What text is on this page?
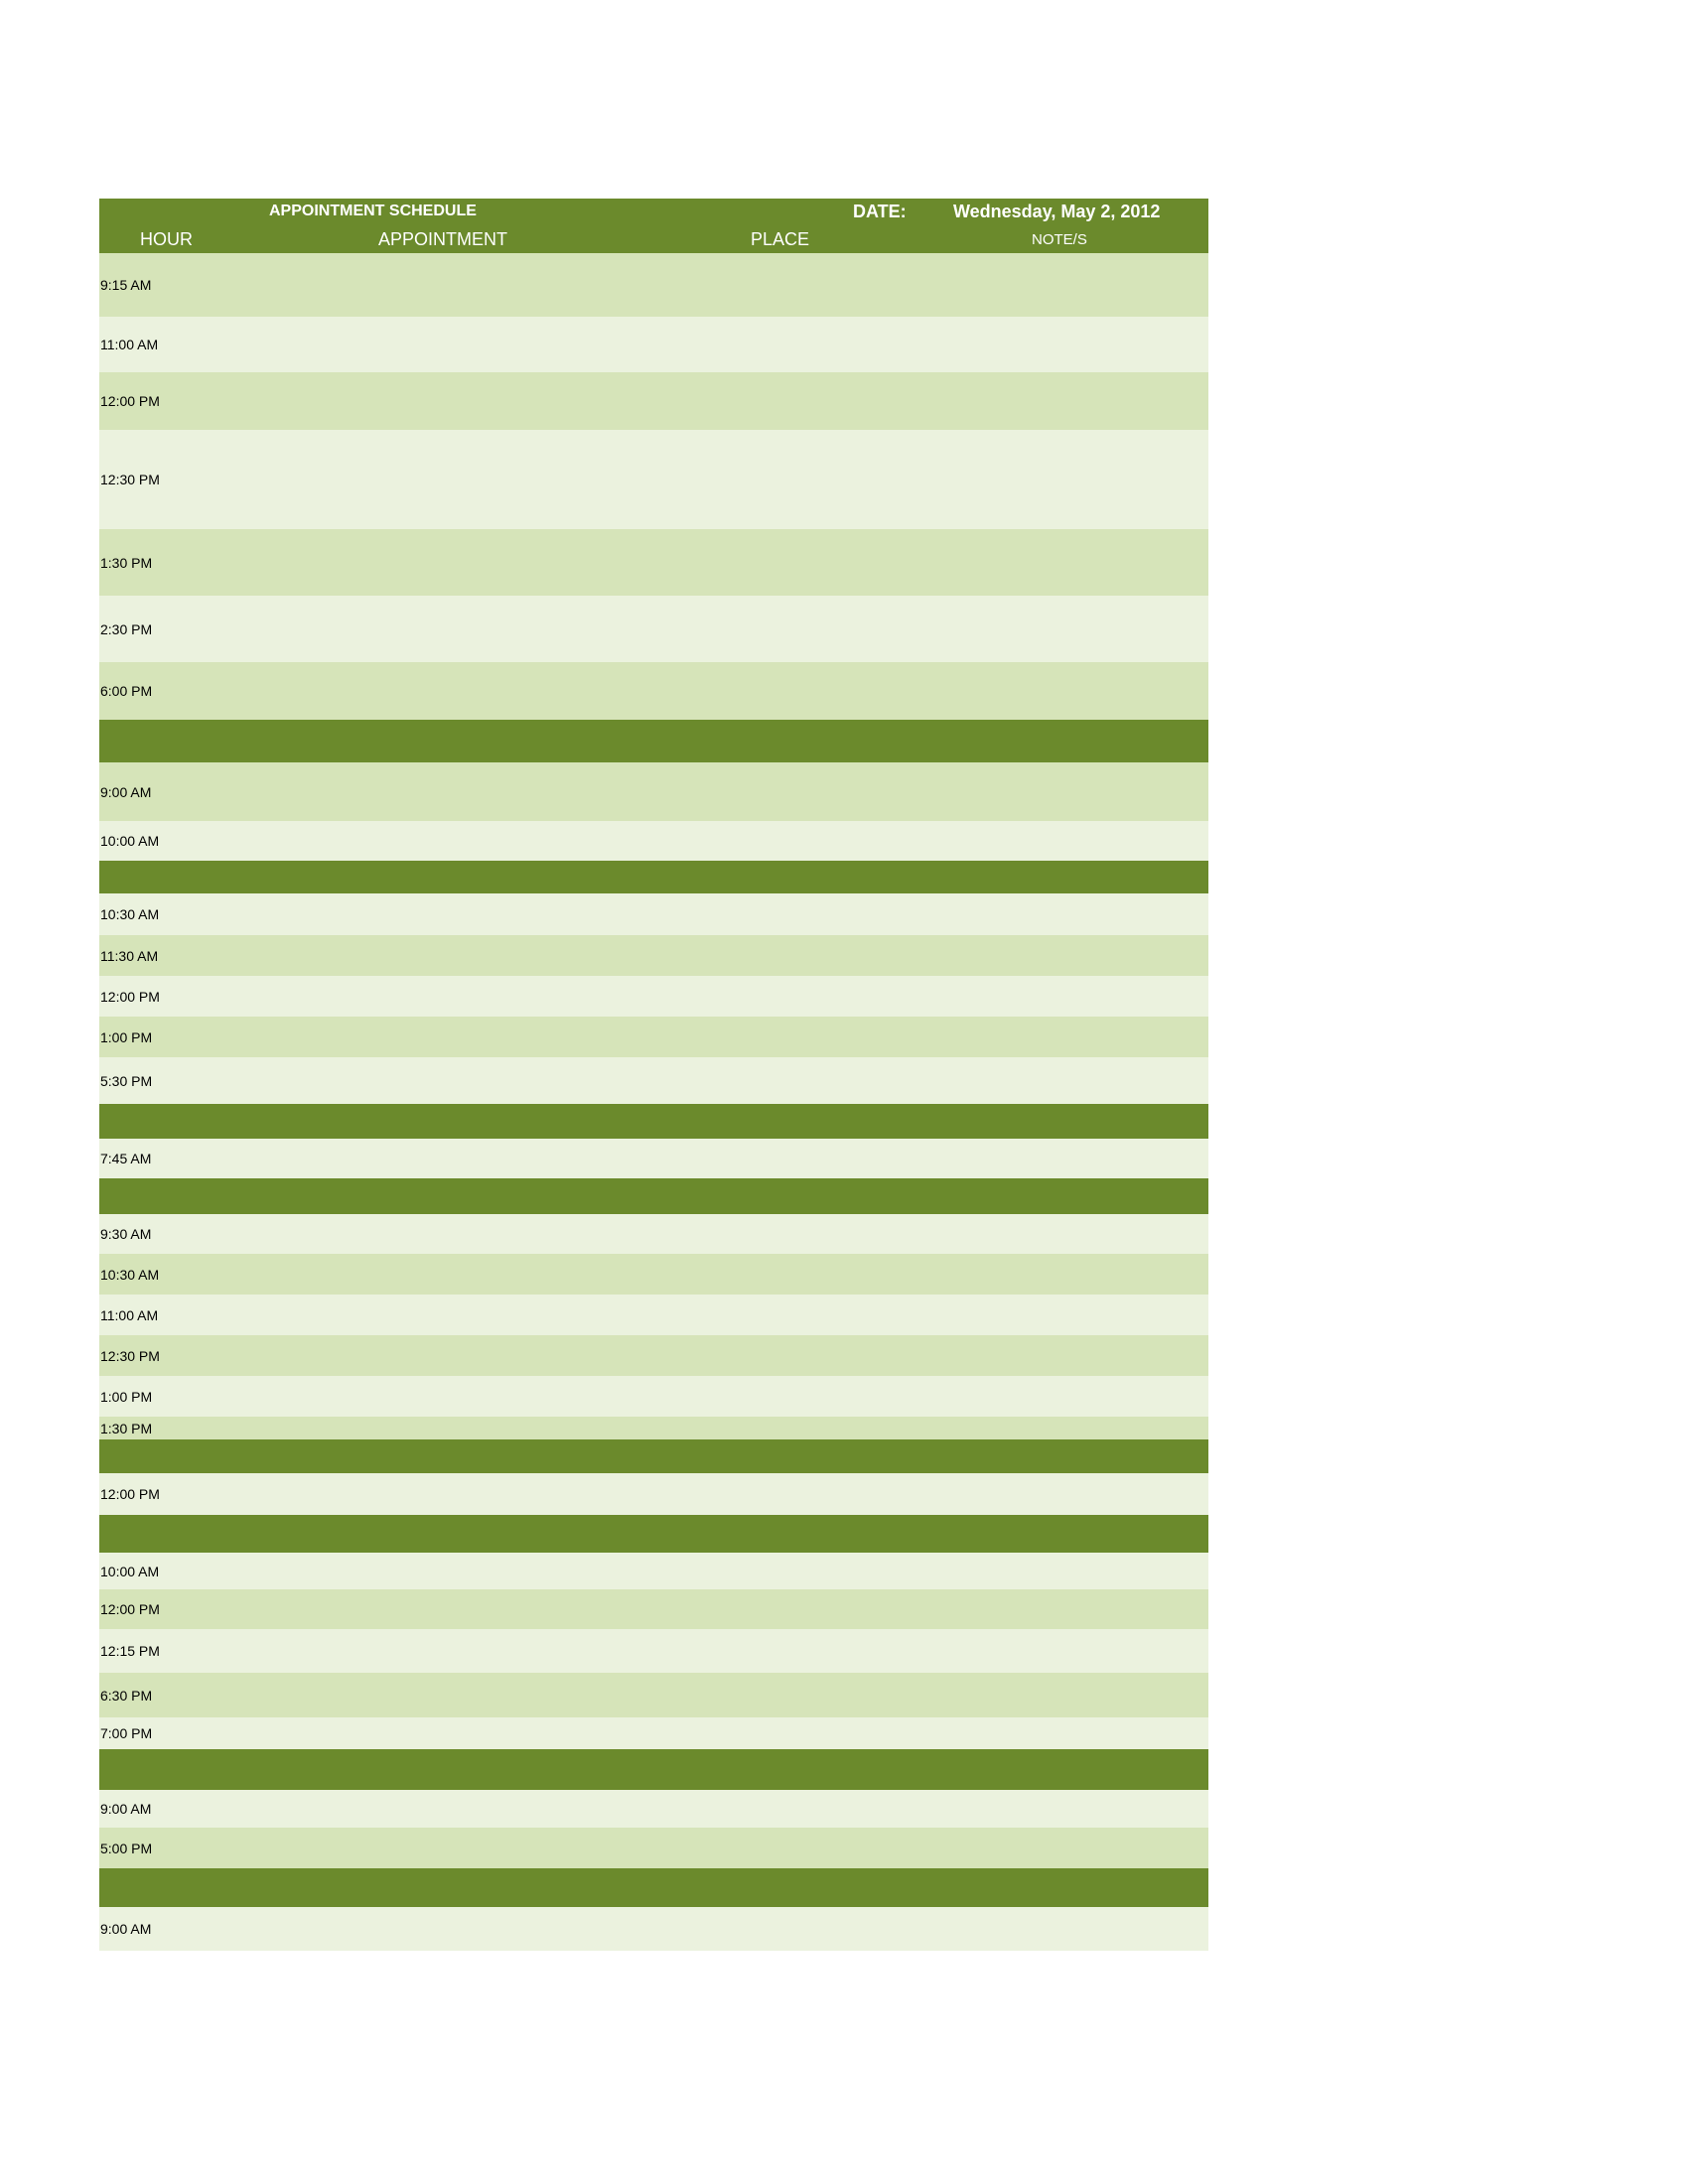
APPOINTMENT SCHEDULE	DATE:	Wednesday, May 2, 2012
HOUR	APPOINTMENT	PLACE	NOTE/S
9:15 AM
11:00 AM
12:00 PM
12:30 PM
1:30 PM
2:30 PM
6:00 PM
9:00 AM
10:00 AM
10:30 AM
11:30 AM
12:00 PM
1:00 PM
5:30 PM
7:45 AM
9:30 AM
10:30 AM
11:00 AM
12:30 PM
1:00 PM
1:30 PM
12:00 PM
10:00 AM
12:00 PM
12:15 PM
6:30 PM
7:00 PM
9:00 AM
5:00 PM
9:00 AM
